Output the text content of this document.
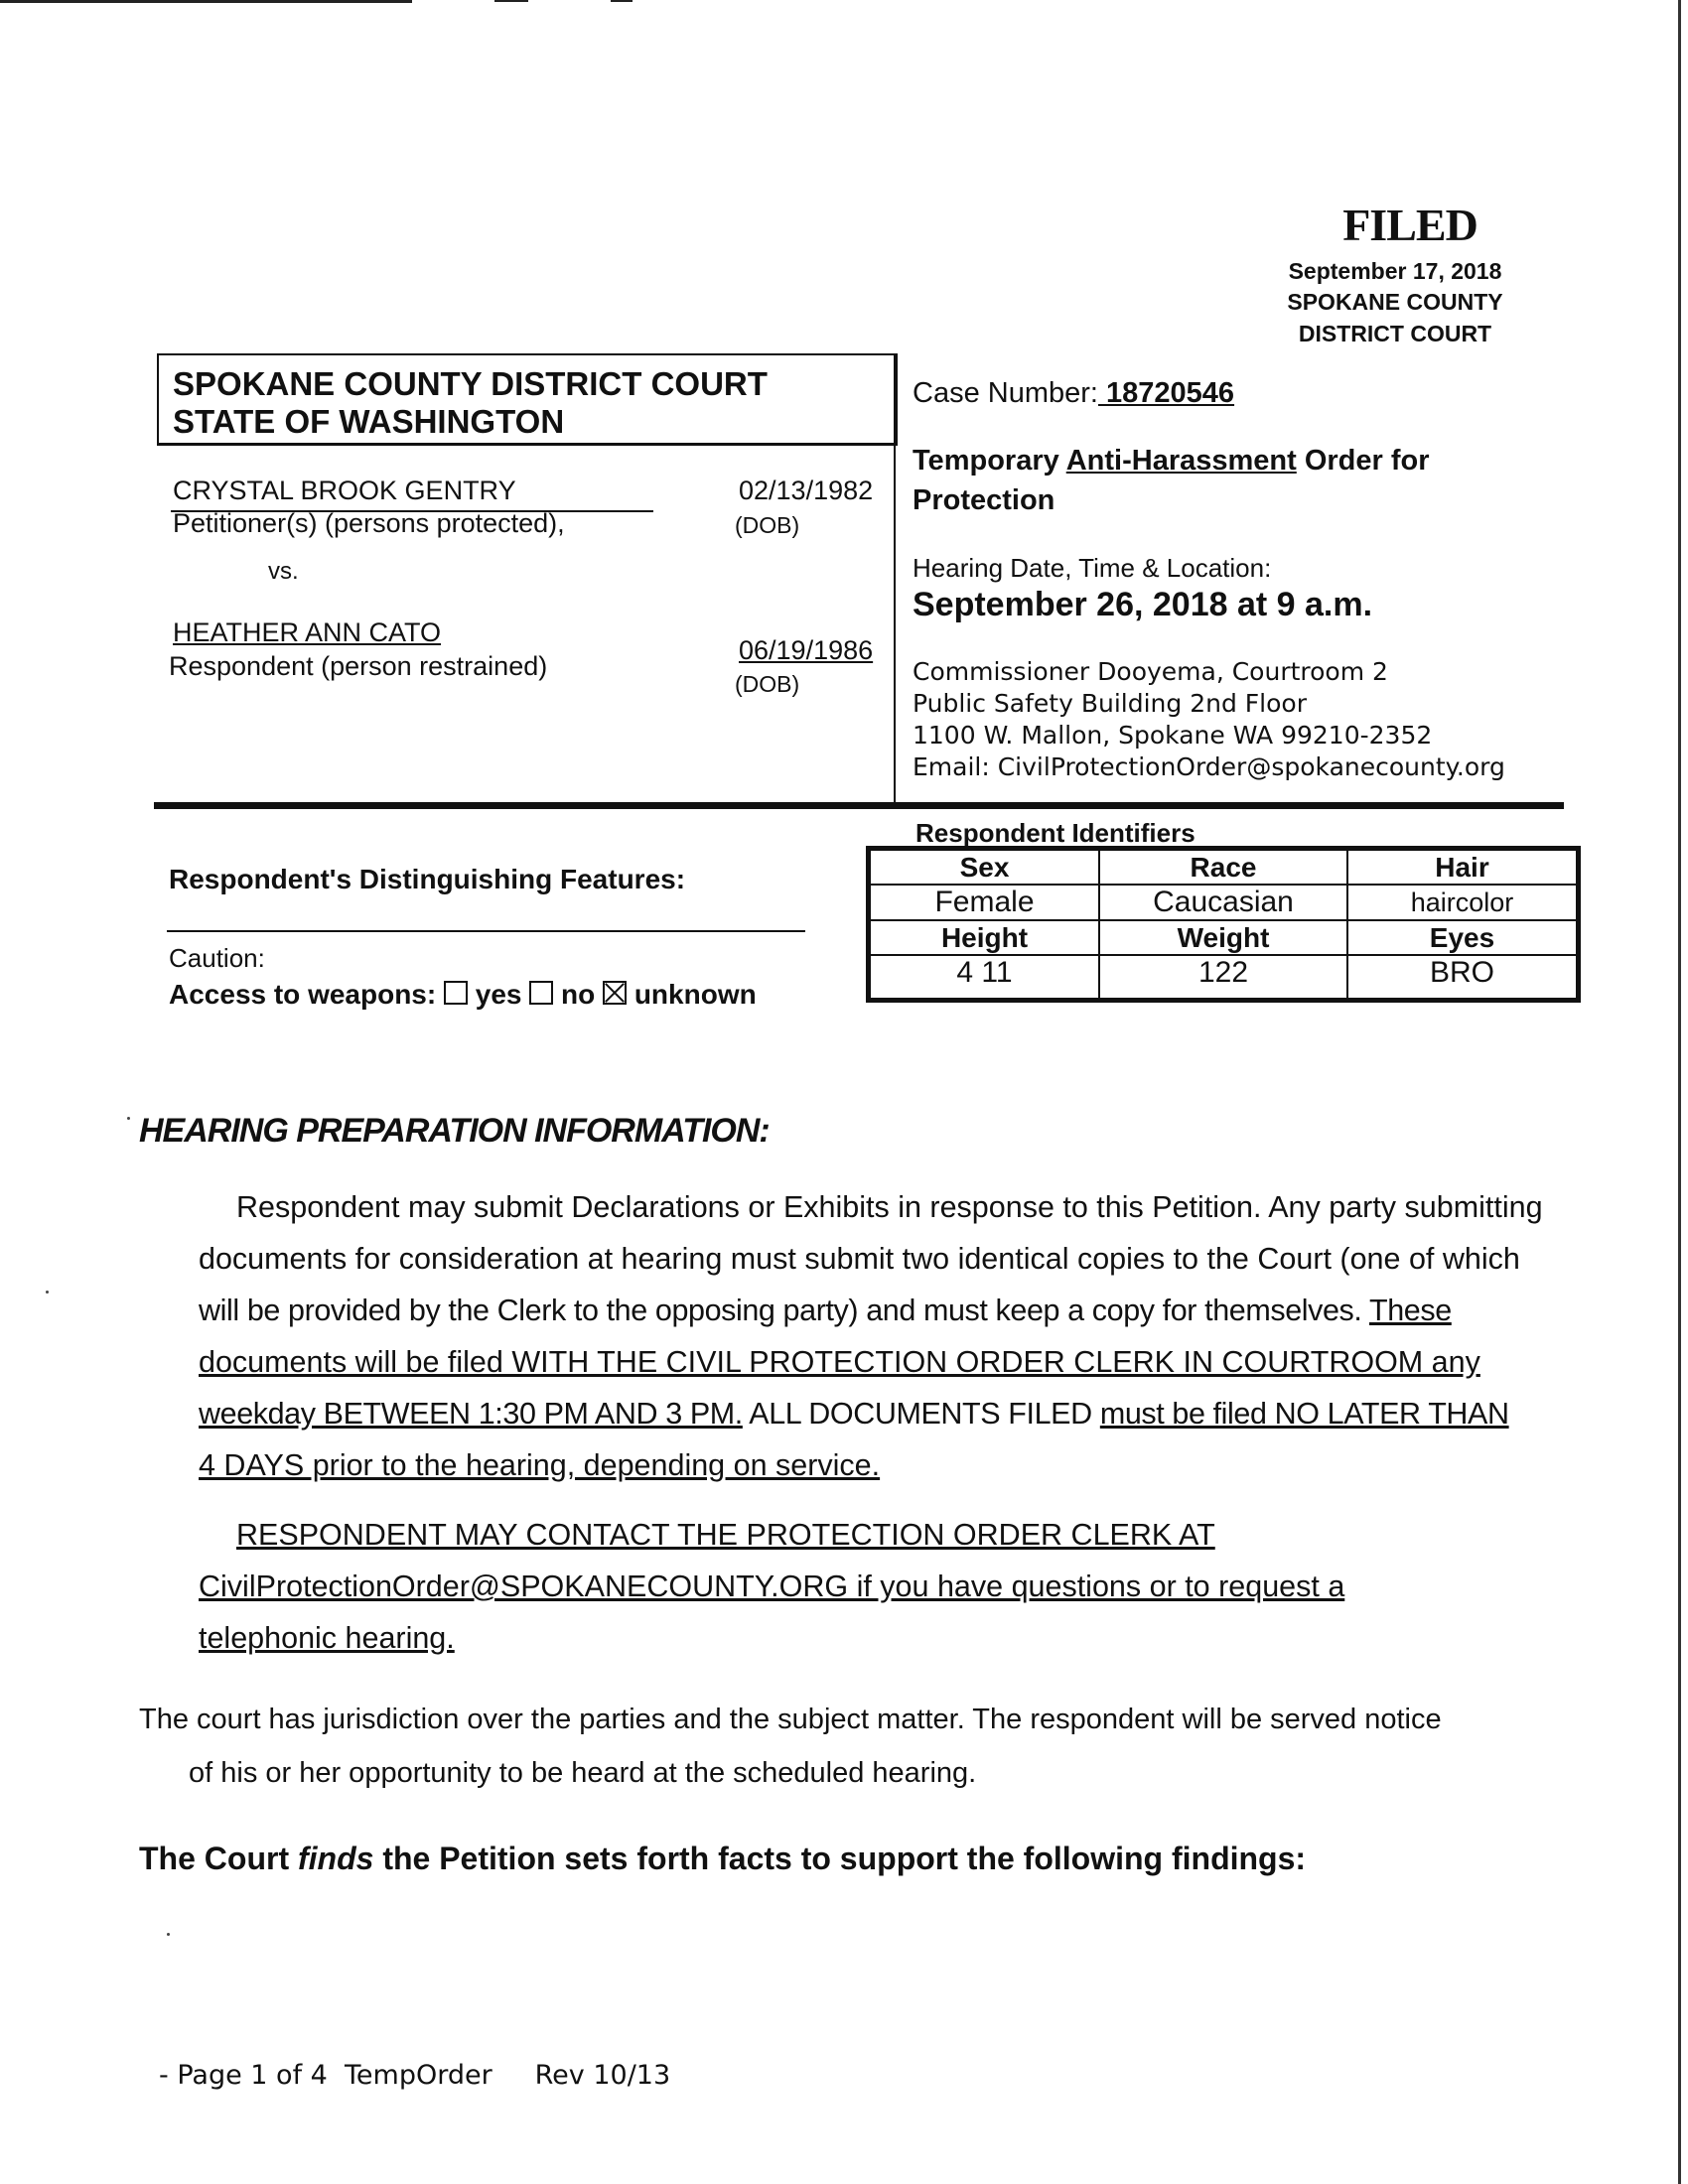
FILED
September 17, 2018
SPOKANE COUNTY
DISTRICT COURT
SPOKANE COUNTY DISTRICT COURT
STATE OF WASHINGTON
CRYSTAL BROOK GENTRY
Petitioner(s) (persons protected),
02/13/1982
(DOB)
vs.
HEATHER ANN CATO
Respondent (person restrained)
06/19/1986
(DOB)
Case Number: 18720546
Temporary Anti-Harassment Order for
Protection
Hearing Date, Time & Location:
September 26, 2018 at 9 a.m.
Commissioner Dooyema, Courtroom 2
Public Safety Building 2nd Floor
1100 W. Mallon, Spokane WA 99210-2352
Email: CivilProtectionOrder@spokanecounty.org
Respondent's Distinguishing Features:
Caution:
Access to weapons: yes no unknown
Respondent Identifiers
Sex	Race	Hair
Female	Caucasian	haircolor
Height	Weight	Eyes
4 11	122	BRO
HEARING PREPARATION INFORMATION:
Respondent may submit Declarations or Exhibits in response to this Petition. Any party submitting
documents for consideration at hearing must submit two identical copies to the Court (one of which
will be provided by the Clerk to the opposing party) and must keep a copy for themselves. These
documents will be filed WITH THE CIVIL PROTECTION ORDER CLERK IN COURTROOM any
weekday BETWEEN 1:30 PM AND 3 PM. ALL DOCUMENTS FILED must be filed NO LATER THAN
4 DAYS prior to the hearing, depending on service.
RESPONDENT MAY CONTACT THE PROTECTION ORDER CLERK AT
CivilProtectionOrder@SPOKANECOUNTY.ORG if you have questions or to request a
telephonic hearing.
The court has jurisdiction over the parties and the subject matter. The respondent will be served notice
of his or her opportunity to be heard at the scheduled hearing.
The Court finds the Petition sets forth facts to support the following findings:
- Page 1 of 4  TempOrder     Rev 10/13
